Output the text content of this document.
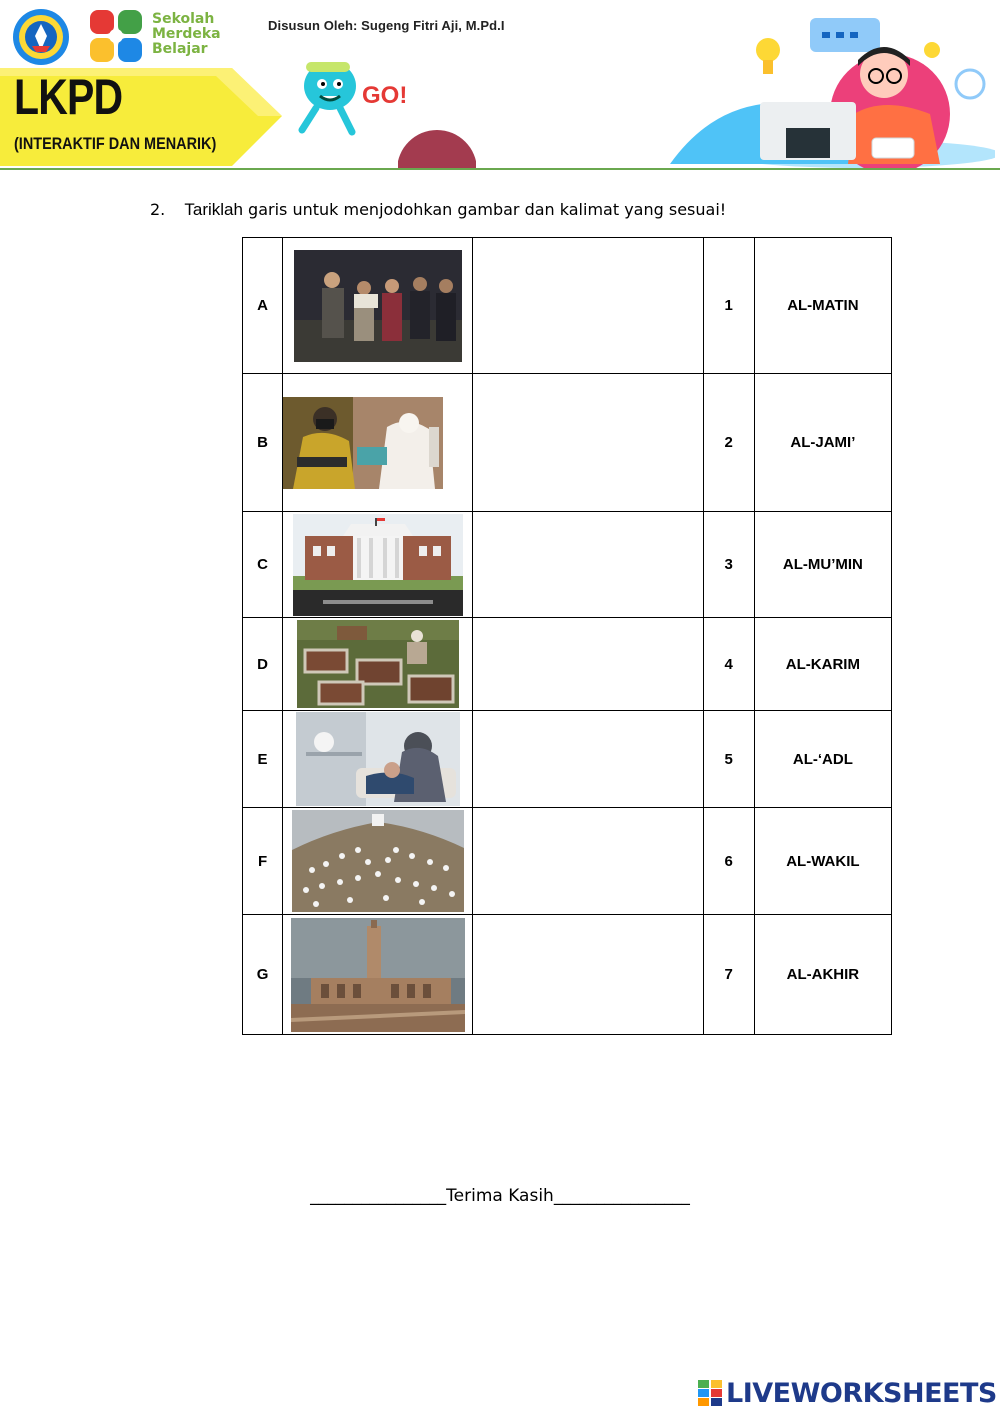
Sekolah
Merdeka
Belajar
Disusun Oleh: Sugeng Fitri Aji, M.Pd.I
LKPD
(INTERAKTIF DAN MENARIK)
GO!
2. Tariklah garis untuk menjodohkan gambar dan kalimat yang sesuai!
A			1	AL-MATIN
B			2	AL-JAMI’
C			3	AL-MU’MIN
D			4	AL-KARIM
E			5	AL-‘ADL
F			6	AL-WAKIL
G			7	AL-AKHIR
________________Terima Kasih________________
LIVEWORKSHEETS
